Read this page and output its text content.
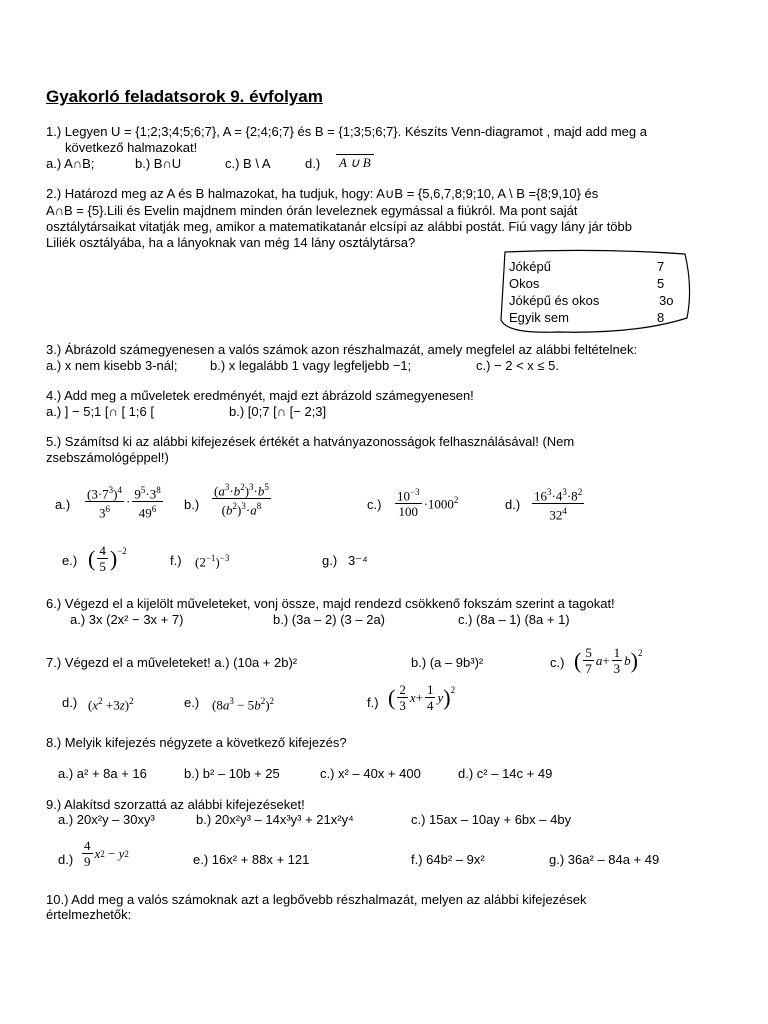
Gyakorló feladatsorok 9. évfolyam
1.) Legyen U = {1;2;3;4;5;6;7}, A = {2;4;6;7} és B = {1;3;5;6;7}. Készíts Venn-diagramot , majd add meg a
következő halmazokat!
a.) A∩B;	b.) B∩U	c.) B \ A	d.) A ∪ B
2.) Határozd meg az A és B halmazokat, ha tudjuk, hogy: A∪B = {5,6,7,8;9;10, A \ B ={8;9,10} és
A∩B = {5}.Lili és Evelin majdnem minden órán leveleznek egymással a fiúkról. Ma pont saját
osztálytársaikat vitatják meg, amikor a matematikatanár elcsípi az alábbi postát. Fiú vagy lány jár több
Liliék osztályába, ha a lányoknak van még 14 lány osztálytársa?
Jóképű	7
Okos	5
Jóképű és okos	3o
Egyik sem	8
3.) Ábrázold számegyenesen a valós számok azon részhalmazát, amely megfelel az alábbi feltételnek:
a.) x nem kisebb 3-nál; b.) x legalább 1 vagy legfeljebb −1;	c.) − 2 < x ≤ 5.
4.) Add meg a műveletek eredményét, majd ezt ábrázold számegyenesen!
a.) ] − 5;1 [∩ [ 1;6 [	b.) [0;7 [∩ [− 2;3]
5.) Számítsd ki az alábbi kifejezések értékét a hatványazonosságok felhasználásával! (Nem
zsebszámológéppel!)
$a.) \frac{(3\cdot 7^3)^4}{3^6} \cdot \frac{9^5\cdot 3^8}{49^6} b.) \frac{(a^3\cdot b^2)^3\cdot b^5}{(b^2)^3\cdot a^8}$	$c.) \frac{10^{-3}}{100} \cdot 1000^2$	$d.) \frac{16^3\cdot 4^3\cdot 8^2}{32^4}$
e.) ( $\frac{4}{5} )^{-2}$
f.) $(2^{-1})^{-3}$	g.) 3⁻⁴
6.) Végezd el a kijelölt műveleteket, vonj össze, majd rendezd csökkenő fokszám szerint a tagokat!
a.) 3x (2x² − 3x + 7)	b.) (3a – 2) (3 – 2a)	c.) (8a – 1) (8a + 1)
7.) Végezd el a műveleteket! a.) (10a + 2b)²	b.) (a – 9b³)²	c.) ( $\frac{5}{7}$ $a + \frac{1}{3}$ b )$^2$
d.) $(x^2 +3z)^2$	e.) $(8a^3 - 5b^2)^2$	f.) ( $\frac{2}{3}$ $x + \frac{1}{4}$ y )$^2$
8.) Melyik kifejezés négyzete a következő kifejezés?
a.) a² + 8a + 16	b.) b² – 10b + 25	c.) x² – 40x + 400	d.) c² – 14c + 49
9.) Alakítsd szorzattá az alábbi kifejezéseket!
a.) 20x²y – 30xy³	b.) 20x²y³ – 14x³y³ + 21x²y⁴	c.) 15ax – 10ay + 6bx – 4by
$d.) \frac{4}{9}$ x 2 − y 2	e.) 16x² + 88x + 121	f.) 64b² – 9x²	g.) 36a² – 84a + 49
10.) Add meg a valós számoknak azt a legbővebb részhalmazát, melyen az alábbi kifejezések
értelmezhetők:
